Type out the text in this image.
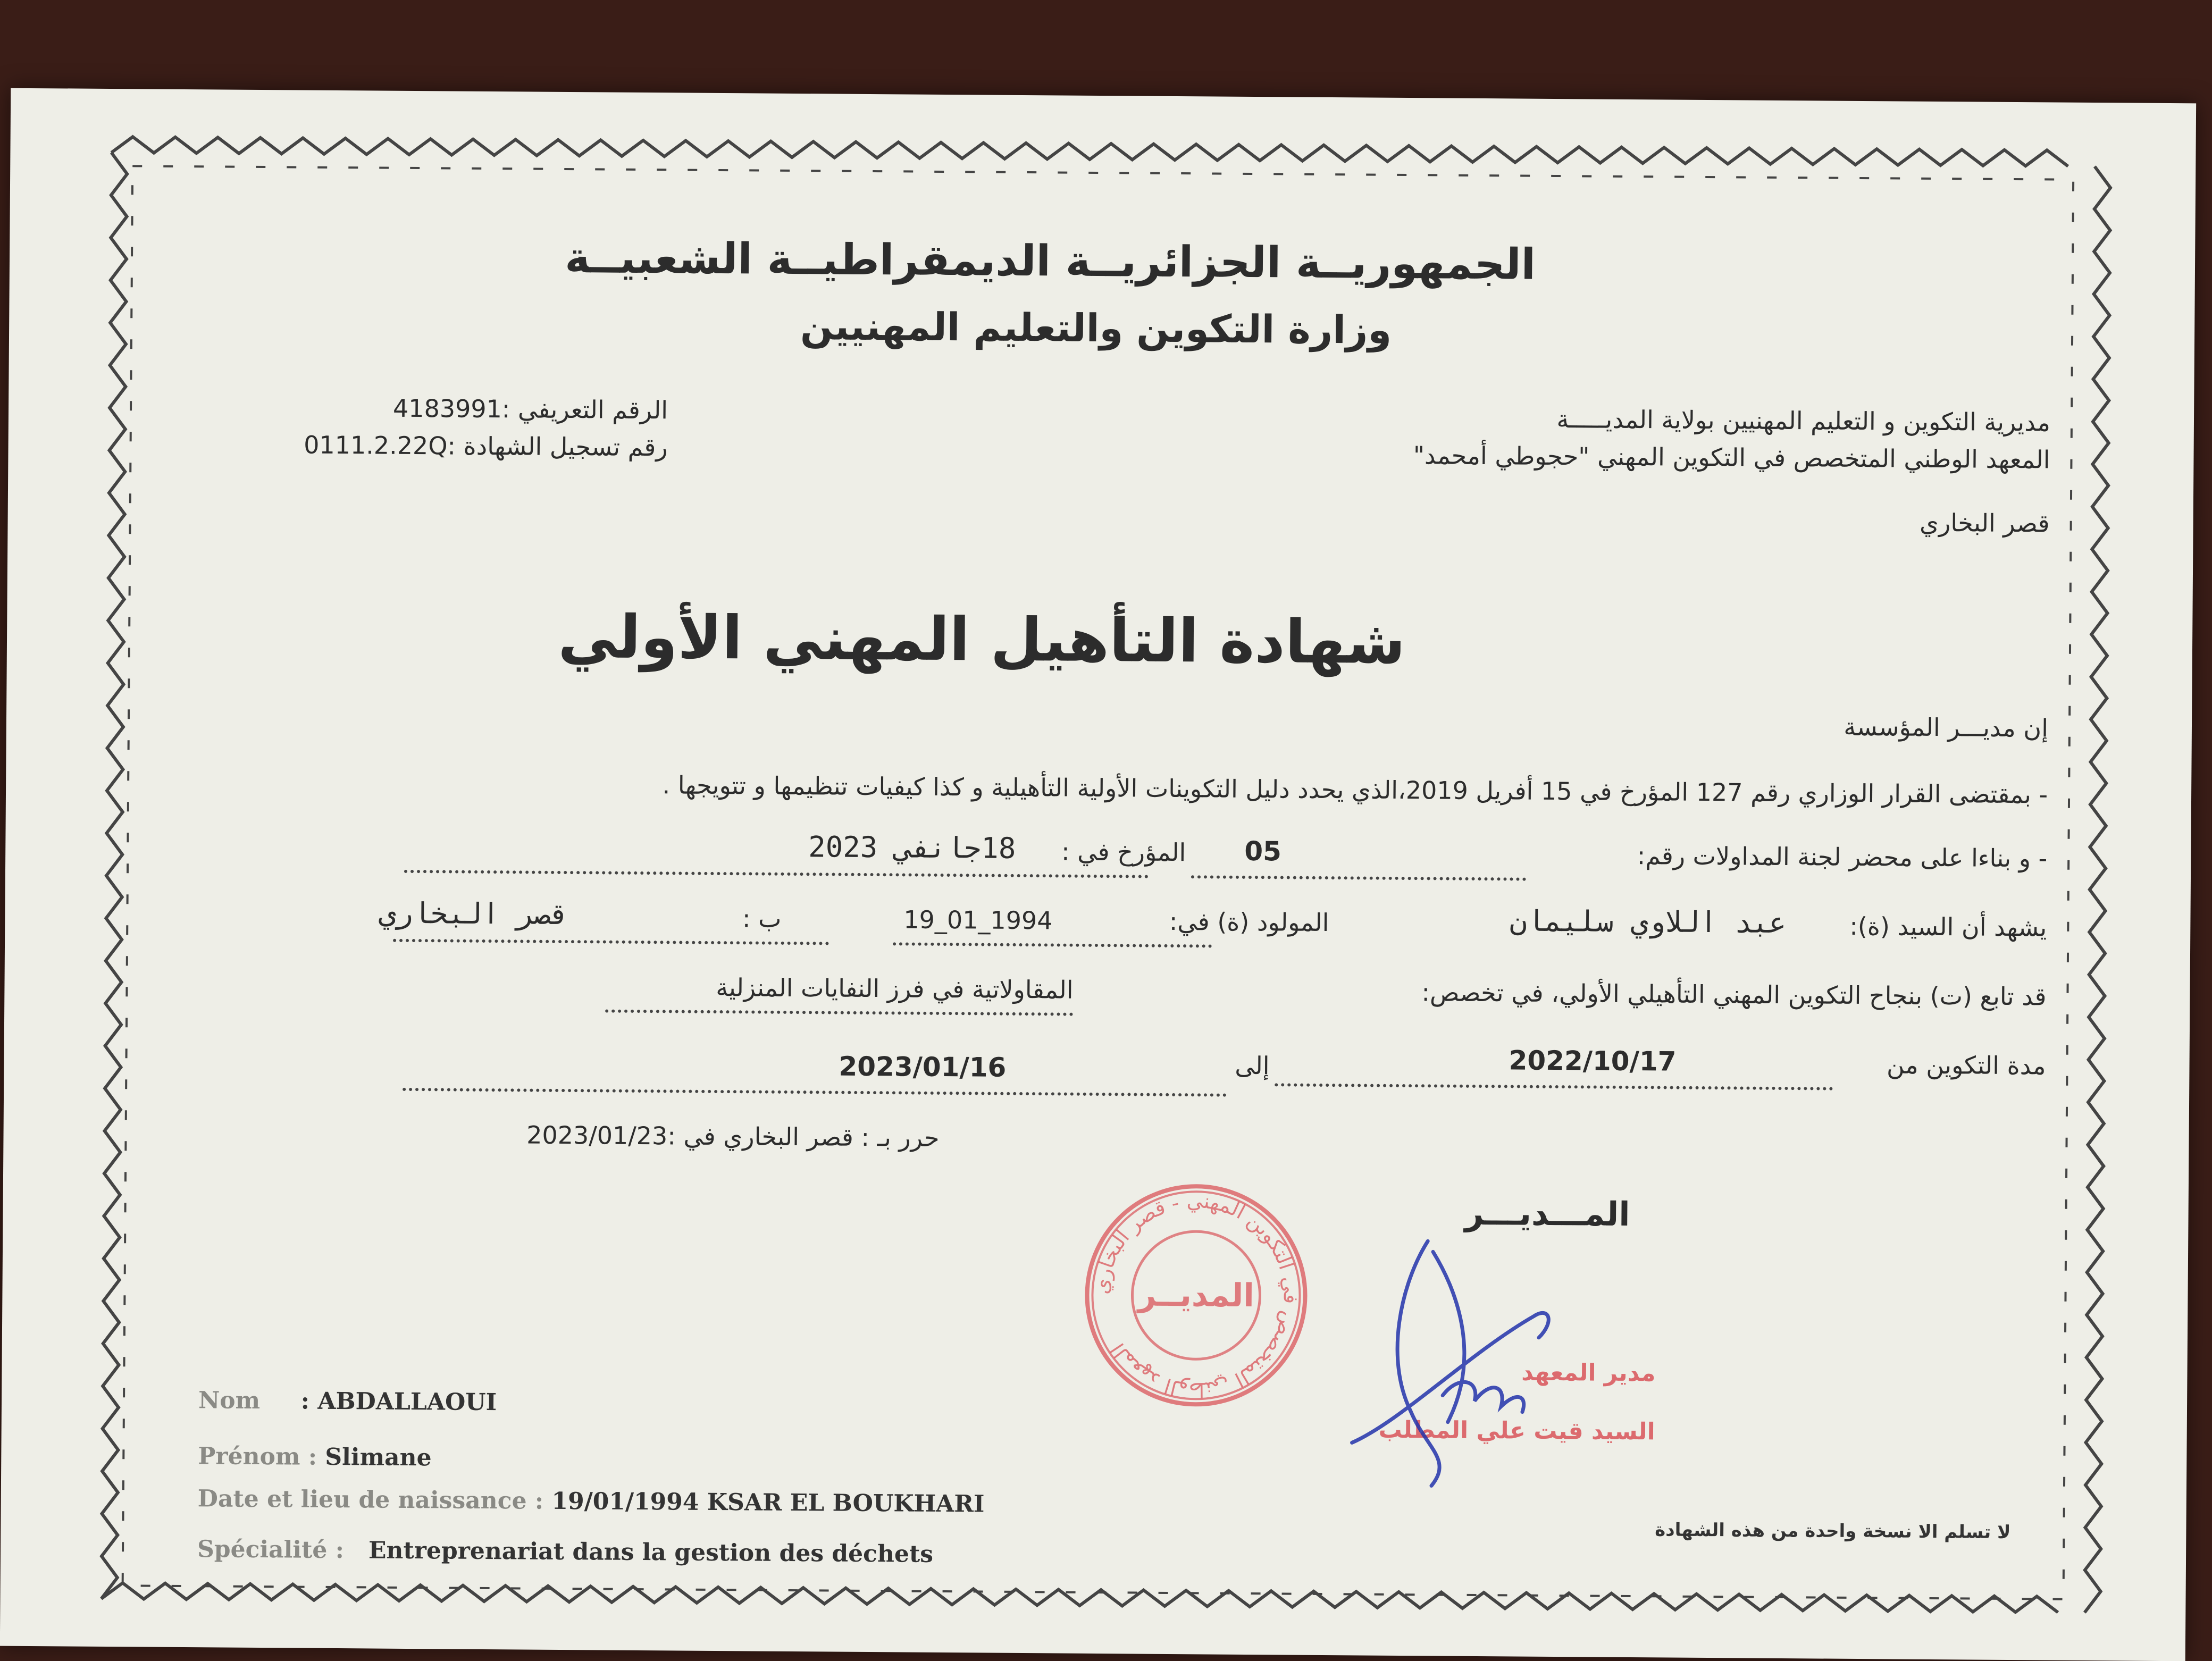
الجمهوريــة الجزائريــة الديمقراطيــة الشعبيــة
وزارة التكوين والتعليم المهنيين
الرقم التعريفي :4183991
رقم تسجيل الشهادة :0111.2.22Q
مديرية التكوين و التعليم المهنيين بولاية المديـــــة
المعهد الوطني المتخصص في التكوين المهني "حجوطي أمحمد"
قصر البخاري
شهادة التأهيل المهني الأولي
إن مديـــر المؤسسة
- بمقتضى القرار الوزاري رقم 127 المؤرخ في 15 أفريل 2019،الذي يحدد دليل التكوينات الأولية التأهيلية و كذا كيفيات تنظيمها و تتويجها .
- و بناءا على محضر لجنة المداولات رقم:
05
المؤرخ في :
18جانفي 2023
يشهد أن السيد (ة):
عبد اللاوي سليمان
المولود (ة) في:
19_01_1994
ب :
قصر البخاري
قد تابع (ت) بنجاح التكوين المهني التأهيلي الأولي، في تخصص:
المقاولاتية في فرز النفايات المنزلية
مدة التكوين من
2022/10/17
إلى
2023/01/16
حرر بـ : قصر البخاري في :2023/01/23
المـــديـــر
المعهد الوطني المتخصص في التكوين المهني - قصر البخاري
المديــر
مدير المعهد
السيد قيت علي المطلب
لا تسلم الا نسخة واحدة من هذه الشهادة
Nom : ABDALLAOUI
Prénom : Slimane
Date et lieu de naissance : 19/01/1994 KSAR EL BOUKHARI
Spécialité : Entreprenariat dans la gestion des déchets
